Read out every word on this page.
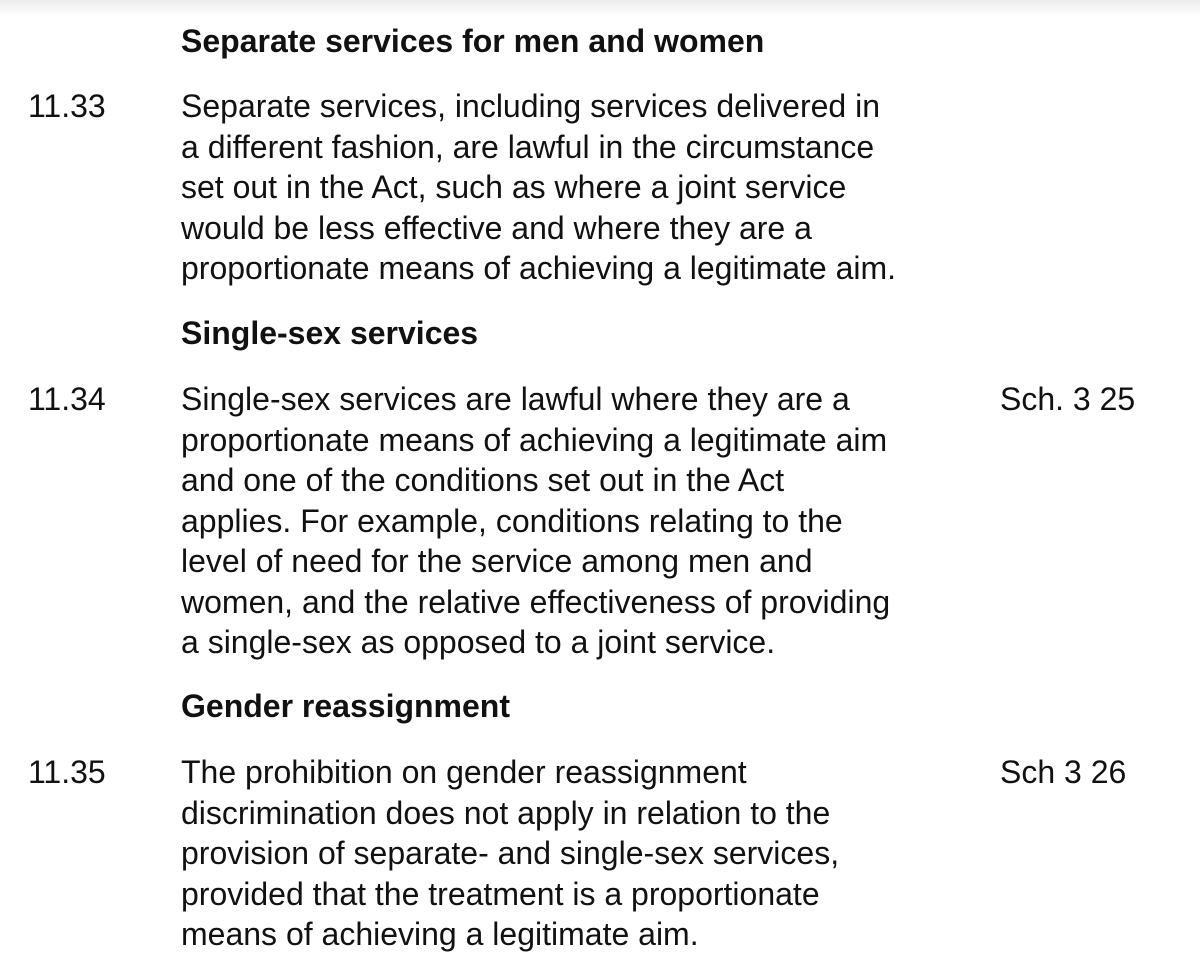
Separate services for men and women
11.33 Separate services, including services delivered in
a different fashion, are lawful in the circumstance
set out in the Act, such as where a joint service
would be less effective and where they are a
proportionate means of achieving a legitimate aim.
Single-sex services
11.34 Single-sex services are lawful where they are a
proportionate means of achieving a legitimate aim
and one of the conditions set out in the Act
applies. For example, conditions relating to the
level of need for the service among men and
women, and the relative effectiveness of providing
a single-sex as opposed to a joint service.
Sch. 3 25
Gender reassignment
11.35 The prohibition on gender reassignment
discrimination does not apply in relation to the
provision of separate- and single-sex services,
provided that the treatment is a proportionate
means of achieving a legitimate aim.
Sch 3 26
